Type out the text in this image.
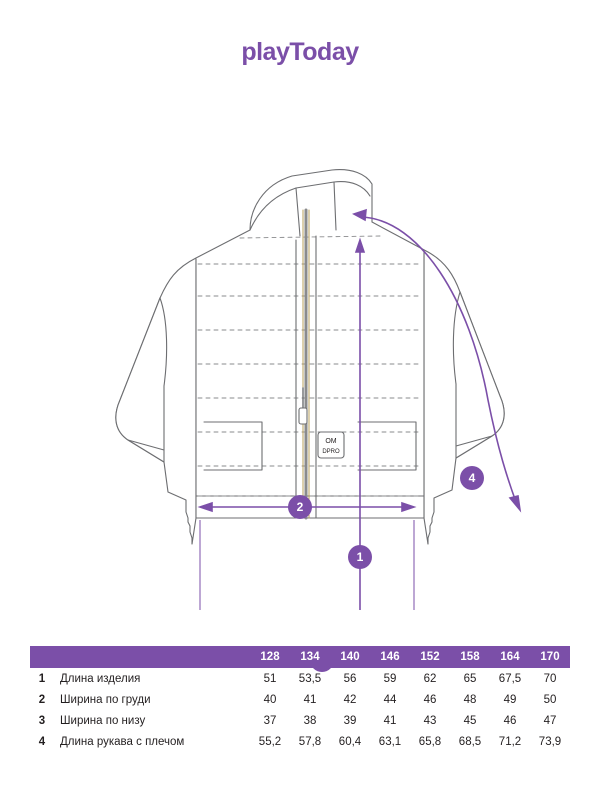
playToday
OM
DPRO
1
2
4
		128	134	140	146	152	158	164	170
1	Длина изделия	51	53,5	56	59	62	65	67,5	70
2	Ширина по груди	40	41	42	44	46	48	49	50
3	Ширина по низу	37	38	39	41	43	45	46	47
4	Длина рукава с плечом	55,2	57,8	60,4	63,1	65,8	68,5	71,2	73,9
